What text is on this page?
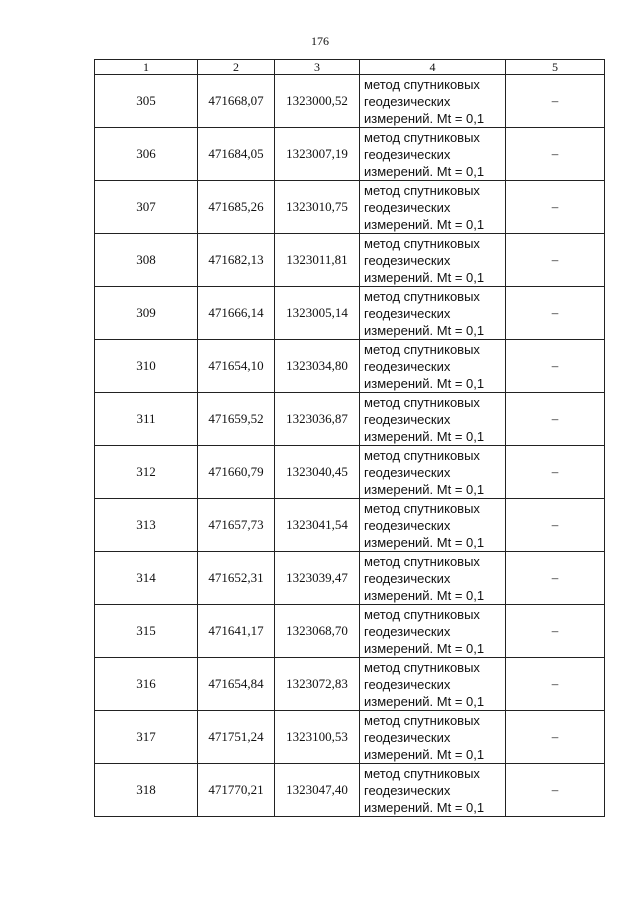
176
1	2	3	4	5
305	471668,07	1323000,52	метод спутниковых
геодезических
измерений. Mt = 0,1	–
306	471684,05	1323007,19	метод спутниковых
геодезических
измерений. Mt = 0,1	–
307	471685,26	1323010,75	метод спутниковых
геодезических
измерений. Mt = 0,1	–
308	471682,13	1323011,81	метод спутниковых
геодезических
измерений. Mt = 0,1	–
309	471666,14	1323005,14	метод спутниковых
геодезических
измерений. Mt = 0,1	–
310	471654,10	1323034,80	метод спутниковых
геодезических
измерений. Mt = 0,1	–
311	471659,52	1323036,87	метод спутниковых
геодезических
измерений. Mt = 0,1	–
312	471660,79	1323040,45	метод спутниковых
геодезических
измерений. Mt = 0,1	–
313	471657,73	1323041,54	метод спутниковых
геодезических
измерений. Mt = 0,1	–
314	471652,31	1323039,47	метод спутниковых
геодезических
измерений. Mt = 0,1	–
315	471641,17	1323068,70	метод спутниковых
геодезических
измерений. Mt = 0,1	–
316	471654,84	1323072,83	метод спутниковых
геодезических
измерений. Mt = 0,1	–
317	471751,24	1323100,53	метод спутниковых
геодезических
измерений. Mt = 0,1	–
318	471770,21	1323047,40	метод спутниковых
геодезических
измерений. Mt = 0,1	–
